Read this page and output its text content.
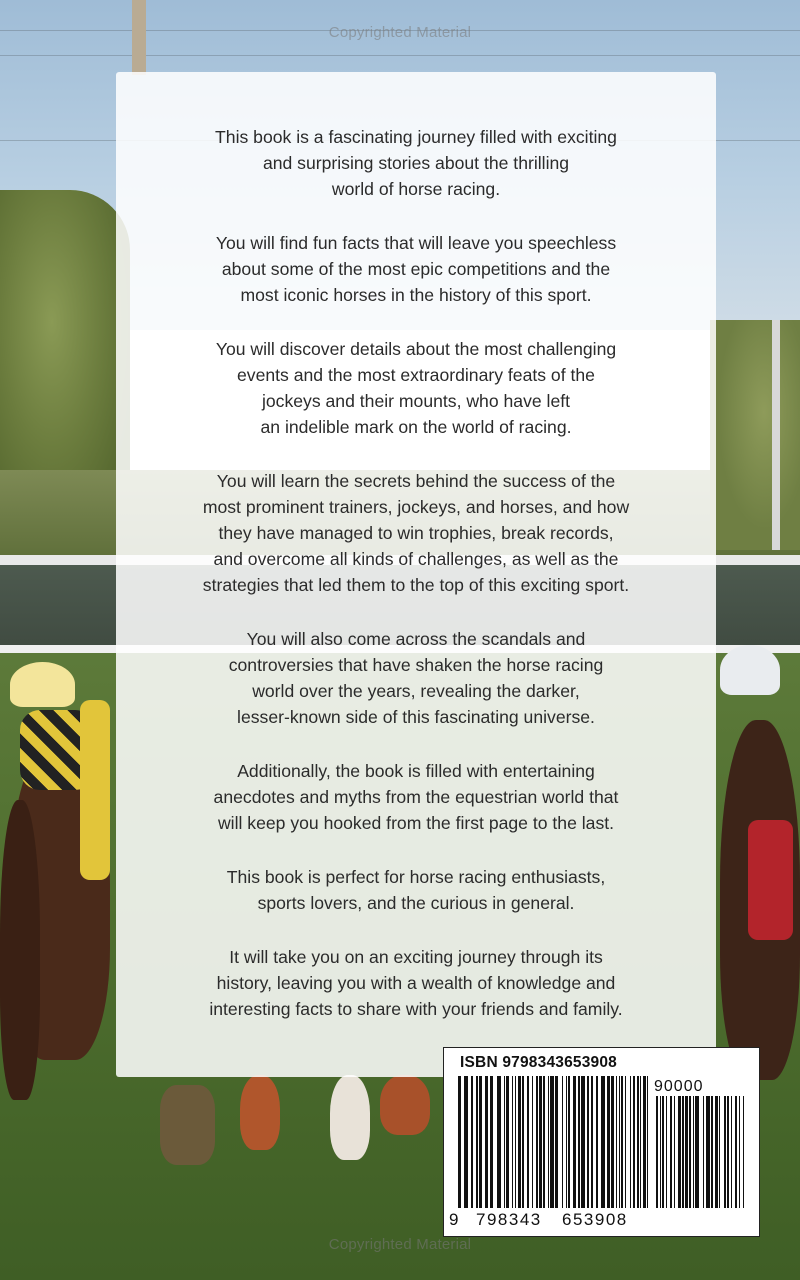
Copyrighted Material

This book is a fascinating journey filled with exciting
and surprising stories about the thrilling
world of horse racing.

You will find fun facts that will leave you speechless
about some of the most epic competitions and the
most iconic horses in the history of this sport.

You will discover details about the most challenging
events and the most extraordinary feats of the
jockeys and their mounts, who have left
an indelible mark on the world of racing.

You will learn the secrets behind the success of the
most prominent trainers, jockeys, and horses, and how
they have managed to win trophies, break records,
and overcome all kinds of challenges, as well as the
strategies that led them to the top of this exciting sport.

You will also come across the scandals and
controversies that have shaken the horse racing
world over the years, revealing the darker,
lesser-known side of this fascinating universe.

Additionally, the book is filled with entertaining
anecdotes and myths from the equestrian world that
will keep you hooked from the first page to the last.

This book is perfect for horse racing enthusiasts,
sports lovers, and the curious in general.

It will take you on an exciting journey through its
history, leaving you with a wealth of knowledge and
interesting facts to share with your friends and family.

ISBN 9798343653908
90000
9 798343 653908
Copyrighted Material
